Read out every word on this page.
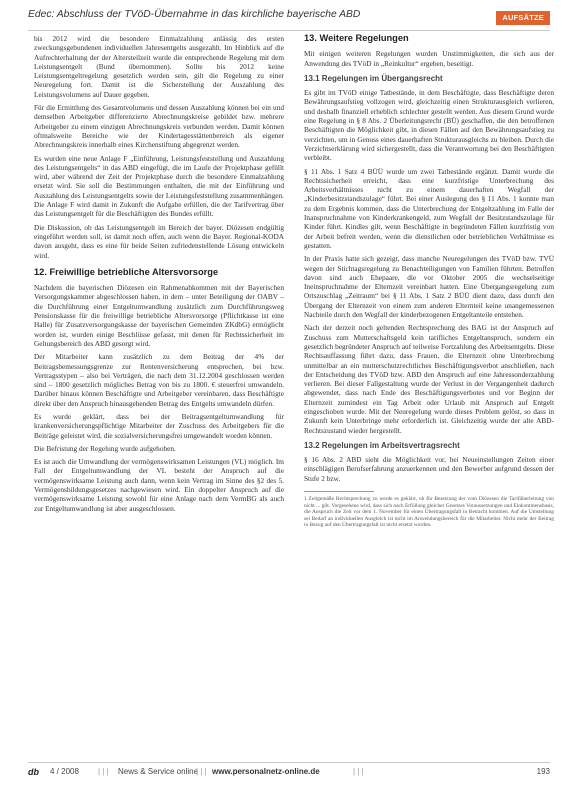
Edec: Abschluss der TVöD-Übernahme in das kirchliche bayerische ABD	AUFSÄTZE

bis 2012 wird die besondere Einmalzahlung anlässig des ersten zweckungsgebundenen individuellen Jahresentgelts ausgezahlt. Im Hinblick auf die Aufrechterhaltung der der Altersteilzeit wurde die entsprechende Regelung mit dem Leistungsentgelt (Bund übernommen). Sollte bis 2012 keine Leistungsentgeltregelung gesetzlich werden sein, gilt die Regelung zu einer Neuregelung fort. Damit ist die Sicherstellung der Auszahlung des Leistungsvolumens auf Dauer gegeben.

Für die Ermittlung des Gesamtvolumens und dessen Auszahlung können bei ein und demselben Arbeitgeber differenzierte Abrechnungskreise gebildet bzw. mehrere Arbeitgeber zu einem einzigen Abrechnungskreis verbunden werden. Damit können oftmalsweite Bereiche wie der Kindertagesstättenbereich als eigener Abrechnungskreis innerhalb eines Kirchenstiftung abgegrenzt werden.

Es wurden eine neue Anlage F „Einführung, Leistungsfeststellung und Auszahlung des Leistungsentgelts“ in das ABD eingefügt, die im Laufe der Projektphase gefüllt wird, aber während der Zeit der Projektphase durch die besondere Einmalzahlung ersetzt wird. Sie soll die Bestimmungen enthalten, die mit der Einführung und Auszahlung des Leistungsentgelts sowie der Leistungsfeststellung zusammenhängen. Die Anlage F wird damit in Zukunft die Aufgabe erfüllen, die der Tarifvertrag über das Leistungsentgelt für die Beschäftigten des Bundes erfüllt.

Die Diskussion, ob das Leistungsentgelt im Bereich der bayer. Diözesen endgültig eingeführt werden soll, ist damit noch offen, auch wenn die Bayer. Regional-KODA davon ausgeht, dass es eine für beide Seiten zufriedenstellende Lösung entwickeln wird.

12. Freiwillige betriebliche Altersvorsorge

Nachdem die bayerischen Diözesen ein Rahmenabkommen mit der Bayerischen Versorgungskammer abgeschlossen haben, in dem – unter Beteiligung der OABV – die Durchführung einer Entgeltumwandlung zusätzlich zum Durchführungsweg Pensionskasse für die freiwillige betriebliche Altersvorsorge (Pflichtkasse ist eine Halle) für Zusatzversorgungskasse der bayerischen Gemeinden ZKdbG) ermöglicht worden ist, wurden einige Beschlüsse gefasst, mit denen für Rechtssicherheit im Geltungsbereich des ABD gesorgt wird.

Der Mitarbeiter kann zusätzlich zu dem Beitrag der 4% der Beitragsbemessungsgrenze zur Rentenversicherung entsprechen, bei bzw. Vertragsstypen – also bei Verträgen, die nach dem 31.12.2004 geschlossen werden sind – 1800 gesetzlich mögliches Betrag von bis zu 1800. € steuerfrei umwandeln. Darüber hinaus können Beschäftigte und Arbeitgeber vereinbaren, dass Beschäftigte direkt über den Anspruch hinausgehenden Betrag des Entgelts umwandeln dürfen.

Es wurde geklärt, dass bei der Beitragsentgeltumwandlung für krankenversicherungspflichtige Mitarbeiter der Zuschuss des Arbeitgebers für die Beiträge geleistet wird, die sozialversicherungsfrei umgewandelt worden können.

Die Befristung der Regelung wurde aufgehoben.

Es ist auch die Umwandlung der vermögenswirksamen Leistungen (VL) möglich. Im Fall der Entgeltumwandlung der VL besteht der Anspruch auf die vermögenswirksame Leistung auch dann, wenn kein Vertrag im Sinne des §2 des 5. Vermögensbildungsgesetzes nachgewiesen wird. Ein doppelter Anspruch auf die vermögenswirksame Leistung sowohl für eine Anlage nach dem VermBG als auch zur Entgeltumwandlung ist aber ausgeschlossen.

13. Weitere Regelungen

Mit einigen weiteren Regelungen wurden Unstimmigkeiten, die sich aus der Anwendung des TVöD in „Reinkultur“ ergeben, beseitigt.

13.1 Regelungen im Übergangsrecht

Es gibt im TVöD einige Tatbestände, in dem Beschäftigte, dass Beschäftigte deren Bewährungsaufstieg vollzogen wird, gleichzeitig einen Strukturausgleich verlieren, und deshalb finanziell erheblich schlechter gestellt werden. Aus diesem Grund wurde eine Regelung in § 8 Abs. 2 Überleitungsrecht (BÜ) geschaffen, die den betroffenen Beschäftigten die Möglichkeit gibt, in diesen Fällen auf den Bewährungsaufstieg zu verzichten, um in Genuss eines dauerhaften Strukturausgleichs zu bleiben. Durch die Verzichtserklärung wird sichergestellt, dass die Verantwortung bei den Beschäftigten verbleibt.

§ 11 Abs. 1 Satz 4 BÜÜ wurde um zwei Tatbestände ergänzt. Damit wurde die Rechtssicherheit erreicht, dass eine kurzfristige Unterbrechung des Arbeitsverhältnisses nicht zu einem dauerhaften Wegfall der „Kinderbesitzstandszulage“ führt. Bei einer Auslegung des § 11 Abs. 1 konnte man zu dem Ergebnis kommen, dass die Unterbrechung der Entgeltzahlung im Falle der Inanspruchnahme von Kinderkrankengeld, zum Wegfall der Besitzstandszulage für Kinder führt. Kindles gilt, wenn Beschäftigte in begründeten Fällen kurzfristig von der Arbeit befreit werden, wenn die dienstlichen oder betrieblichen Verhältnisse es gestatten.

In der Praxis hatte sich gezeigt, dass manche Neuregelungen des TVöD bzw. TVÜ wegen der Stichtagsregelung zu Benachteiligungen von Familien führten. Betroffen davon sind auch Ehepaare, die vor Oktober 2005 die wechselseitige Ineinspruchnahme der Elternzeit vereinbart hatten. Eine Übergangsregelung zum Ortszuschlag „Zeitraum“ bei § 11 Abs. 1 Satz 2 BÜÜ dient dazu, dass durch den Übergang der Elternzeit von einem zum anderen Elternteil keine unangemessenen Nachteile durch den Wegfall der kinderbezogenen Entgeltanteile entstehen.

Nach der derzeit noch geltenden Rechtsprechung des BAG ist der Anspruch auf Zuschuss zum Mutterschaftsgeld kein tarifliches Entgeltanspruch, sondern ein gesetzlich begründeter Anspruch auf teilweise Fortzahlung des Arbeitsentgelts. Diese Rechtsauffassung führt dazu, dass Frauen, die Elternzeit ohne Unterbrechung unmittelbar an ein mutterschutzrechtliches Beschäftigungsverbot anschließen, nach der Entscheidung des TVöD bzw. ABD den Anspruch auf eine Jahressonderzahlung verlieren. Bei dieser Fallgestaltung wurde der Verlust in der Vergangenheit dadurch abgewendet, dass nach Ende des Beschäftigungsverbotes und vor Beginn der Elternzeit zumindest ein Tag Arbeit oder Urlaub mit Anspruch auf Entgelt eingeschoben wurde. Mit der Neuregelung wurde dieses Problem gelöst, so dass in Zukunft kein Unterbringe mehr erforderlich ist. Gleichzeitig wurde der alte ABD-Rechtszustand wieder hergestellt.

13.2 Regelungen im Arbeitsvertragsrecht

§ 16 Abs. 2 ABD sieht die Möglichkeit vor, bei Neueinstellungen Zeiten einer einschlägigen Berufserfahrung anzuerkennen und den Bewerber aufgrund dessen der Stufe 2 bzw.

1 Zeitgemäße Rechtsprechung zu werde es geklärt, ob für Besetzung der vom Diözesen die Tarifüberleitung von nicht ... gilt. Vorgesehene wird, dass sich nach Erfüllung gleicher Gesetzes Voraussetzungen und Einkommensbasis, die Anspruch die Zeit vor dem 1. November für einen Übertragungsfall in Betracht kommen. Auf die Umstellung sei Bedarf an individuellen Ausgleich ist nicht im Anwendungsbereich für die Mitarbeiter. Nicht mehr der Beitrag in Bezug auf den Übertragungsfall ist nicht ersetzt worden.
db 4 / 2008 | | | News & Service online
| | | www.personalnetz-online.de	| | |	193
